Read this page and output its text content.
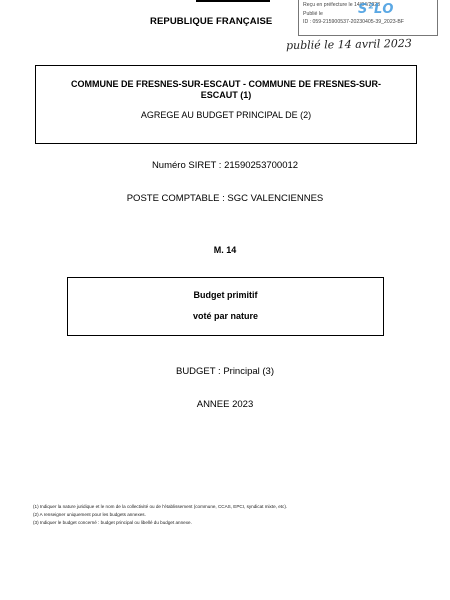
REPUBLIQUE FRANÇAISE
Reçu en préfecture le 14/04/2023
Publié le
ID : 059-215900537-20230405-39_2023-BF
S²LO
publié le 14 avril 2023
COMMUNE DE FRESNES-SUR-ESCAUT - COMMUNE DE FRESNES-SUR-ESCAUT (1)
AGREGE AU BUDGET PRINCIPAL DE (2)
Numéro SIRET : 21590253700012
POSTE COMPTABLE : SGC VALENCIENNES
M. 14
Budget primitif
voté par nature
BUDGET : Principal (3)
ANNEE 2023
(1) Indiquer la nature juridique et le nom de la collectivité ou de l'établissement (commune, CCAS, EPCI, syndicat mixte, etc).
(2) A renseigner uniquement pour les budgets annexes.
(3) Indiquer le budget concerné : budget principal ou libellé du budget annexe.
